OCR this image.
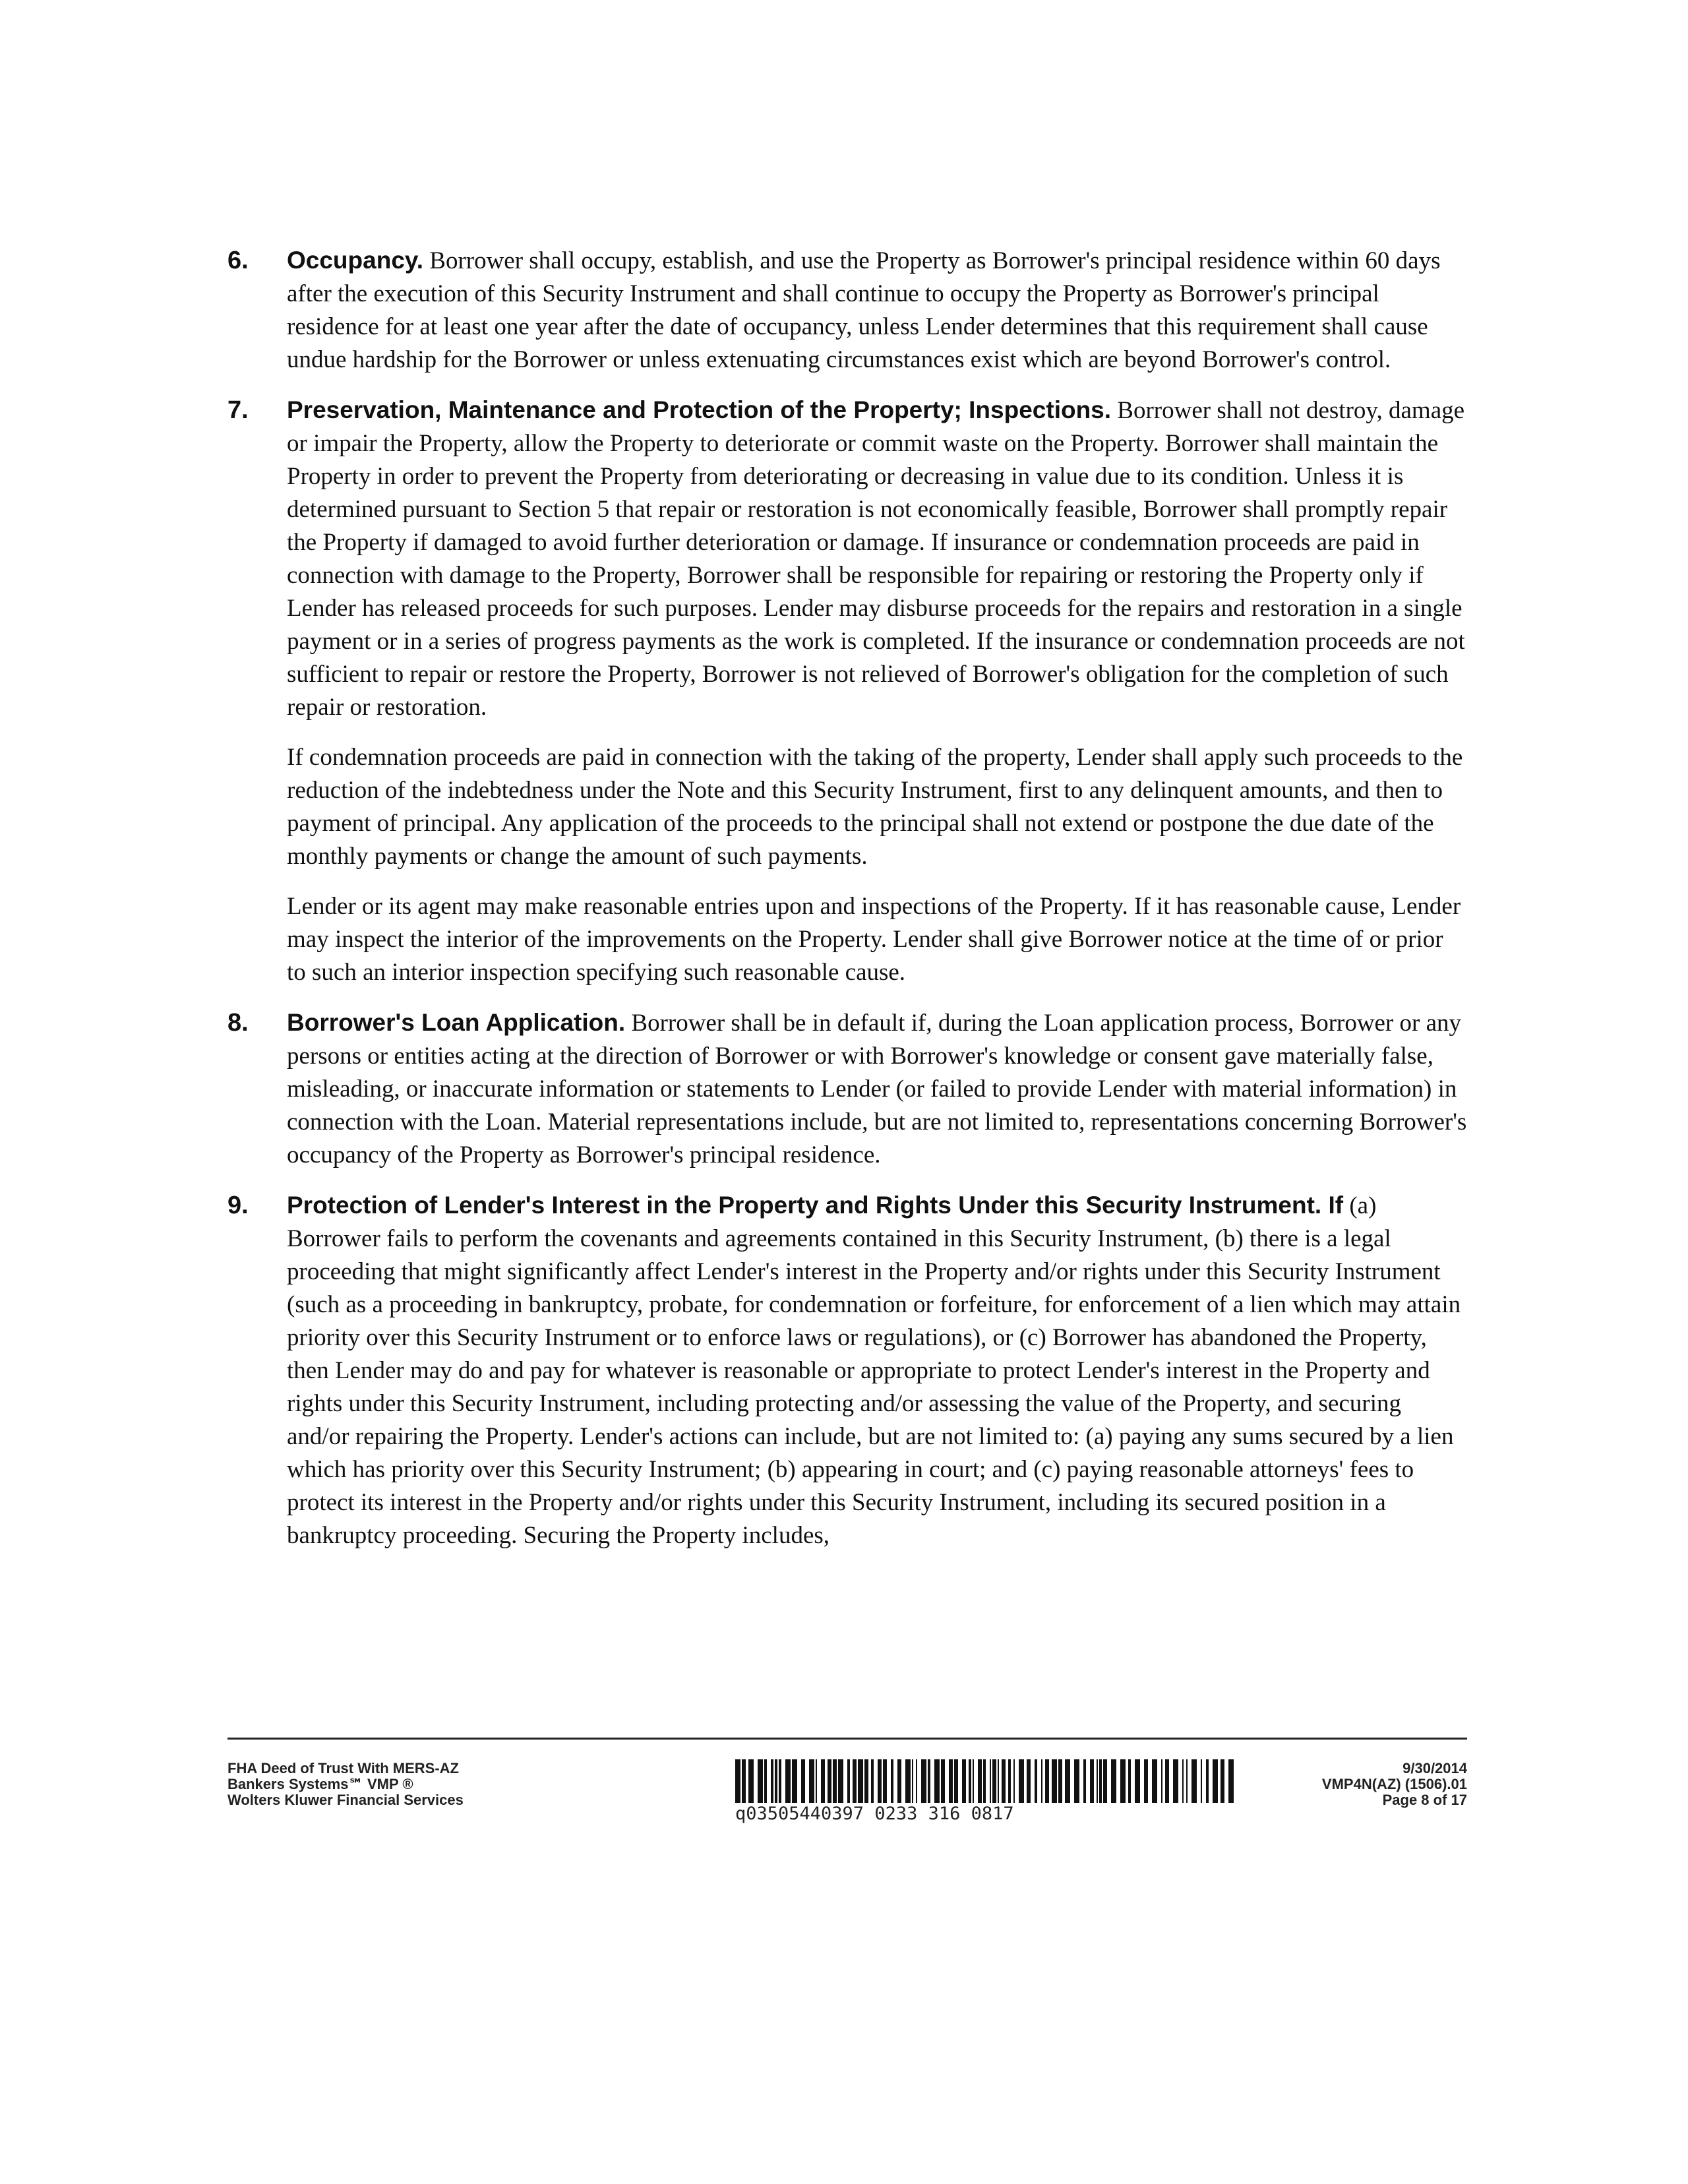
6. Occupancy. Borrower shall occupy, establish, and use the Property as Borrower's principal residence within 60 days after the execution of this Security Instrument and shall continue to occupy the Property as Borrower's principal residence for at least one year after the date of occupancy, unless Lender determines that this requirement shall cause undue hardship for the Borrower or unless extenuating circumstances exist which are beyond Borrower's control.

7. Preservation, Maintenance and Protection of the Property; Inspections. Borrower shall not destroy, damage or impair the Property, allow the Property to deteriorate or commit waste on the Property. Borrower shall maintain the Property in order to prevent the Property from deteriorating or decreasing in value due to its condition. Unless it is determined pursuant to Section 5 that repair or restoration is not economically feasible, Borrower shall promptly repair the Property if damaged to avoid further deterioration or damage. If insurance or condemnation proceeds are paid in connection with damage to the Property, Borrower shall be responsible for repairing or restoring the Property only if Lender has released proceeds for such purposes. Lender may disburse proceeds for the repairs and restoration in a single payment or in a series of progress payments as the work is completed. If the insurance or condemnation proceeds are not sufficient to repair or restore the Property, Borrower is not relieved of Borrower's obligation for the completion of such repair or restoration.

If condemnation proceeds are paid in connection with the taking of the property, Lender shall apply such proceeds to the reduction of the indebtedness under the Note and this Security Instrument, first to any delinquent amounts, and then to payment of principal. Any application of the proceeds to the principal shall not extend or postpone the due date of the monthly payments or change the amount of such payments.

Lender or its agent may make reasonable entries upon and inspections of the Property. If it has reasonable cause, Lender may inspect the interior of the improvements on the Property. Lender shall give Borrower notice at the time of or prior to such an interior inspection specifying such reasonable cause.

8. Borrower's Loan Application. Borrower shall be in default if, during the Loan application process, Borrower or any persons or entities acting at the direction of Borrower or with Borrower's knowledge or consent gave materially false, misleading, or inaccurate information or statements to Lender (or failed to provide Lender with material information) in connection with the Loan. Material representations include, but are not limited to, representations concerning Borrower's occupancy of the Property as Borrower's principal residence.

9. Protection of Lender's Interest in the Property and Rights Under this Security Instrument. If (a) Borrower fails to perform the covenants and agreements contained in this Security Instrument, (b) there is a legal proceeding that might significantly affect Lender's interest in the Property and/or rights under this Security Instrument (such as a proceeding in bankruptcy, probate, for condemnation or forfeiture, for enforcement of a lien which may attain priority over this Security Instrument or to enforce laws or regulations), or (c) Borrower has abandoned the Property, then Lender may do and pay for whatever is reasonable or appropriate to protect Lender's interest in the Property and rights under this Security Instrument, including protecting and/or assessing the value of the Property, and securing and/or repairing the Property. Lender's actions can include, but are not limited to: (a) paying any sums secured by a lien which has priority over this Security Instrument; (b) appearing in court; and (c) paying reasonable attorneys' fees to protect its interest in the Property and/or rights under this Security Instrument, including its secured position in a bankruptcy proceeding. Securing the Property includes,

FHA Deed of Trust With MERS-AZ
Bankers Systems℠ VMP ®
Wolters Kluwer Financial Services
q03505440397 0233 316 0817
9/30/2014
VMP4N(AZ) (1506).01
Page 8 of 17
